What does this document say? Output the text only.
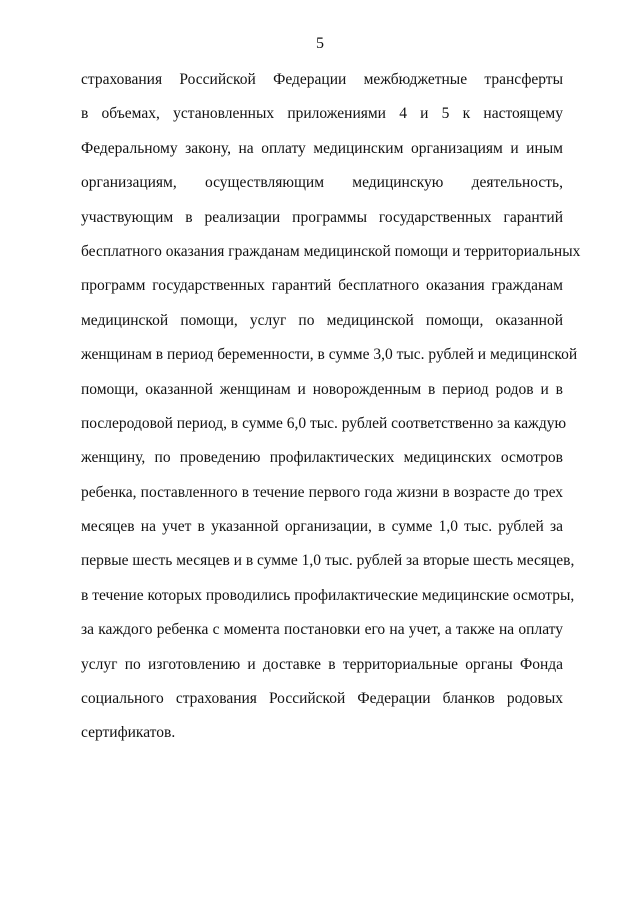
5
страхования Российской Федерации межбюджетные трансферты
в объемах, установленных приложениями 4 и 5 к настоящему
Федеральному закону, на оплату медицинским организациям и иным
организациям, осуществляющим медицинскую деятельность,
участвующим в реализации программы государственных гарантий
бесплатного оказания гражданам медицинской помощи и территориальных
программ государственных гарантий бесплатного оказания гражданам
медицинской помощи, услуг по медицинской помощи, оказанной
женщинам в период беременности, в сумме 3,0 тыс. рублей и медицинской
помощи, оказанной женщинам и новорожденным в период родов и в
послеродовой период, в сумме 6,0 тыс. рублей соответственно за каждую
женщину, по проведению профилактических медицинских осмотров
ребенка, поставленного в течение первого года жизни в возрасте до трех
месяцев на учет в указанной организации, в сумме 1,0 тыс. рублей за
первые шесть месяцев и в сумме 1,0 тыс. рублей за вторые шесть месяцев,
в течение которых проводились профилактические медицинские осмотры,
за каждого ребенка с момента постановки его на учет, а также на оплату
услуг по изготовлению и доставке в территориальные органы Фонда
социального страхования Российской Федерации бланков родовых
сертификатов.
